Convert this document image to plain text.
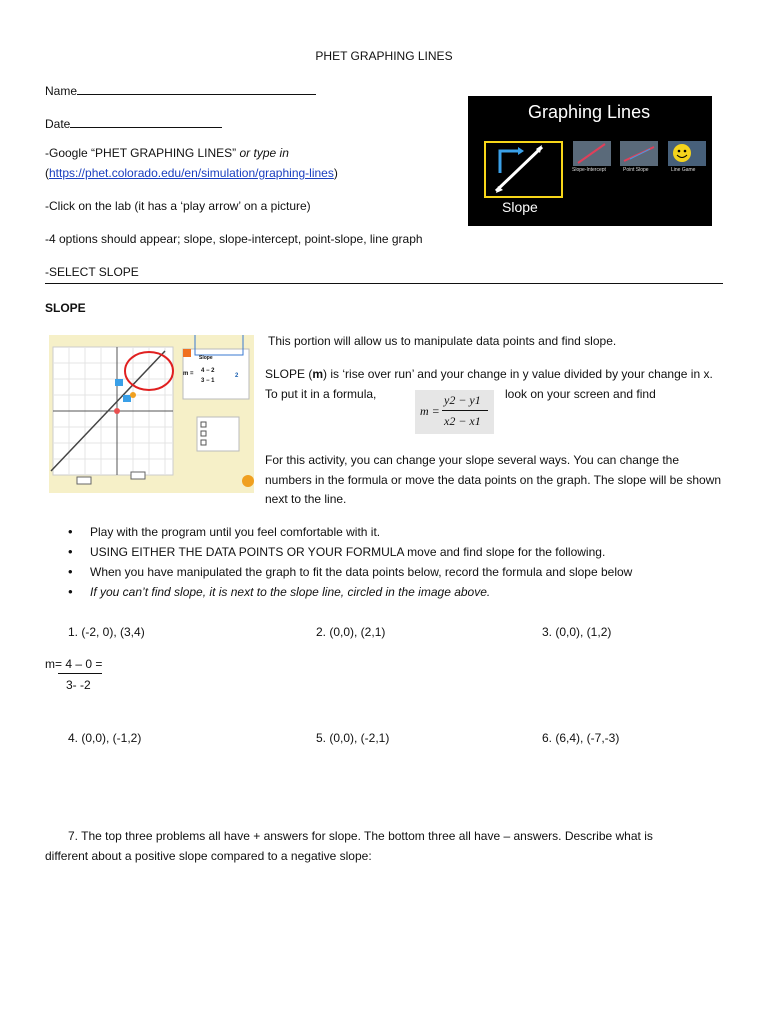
PHET GRAPHING LINES
Name
Date
-Google “PHET GRAPHING LINES” or type in
(https://phet.colorado.edu/en/simulation/graphing-lines)
-Click on the lab (it has a ‘play arrow’ on a picture)
-4 options should appear; slope, slope-intercept, point-slope, line graph
-SELECT SLOPE
SLOPE
Graphing Lines
Slope
Slope-Intercept	Point Slope	Line Game
Slope
m = 4 − 2
3 − 1
2
This portion will allow us to manipulate data points and find slope.
SLOPE (m) is ‘rise over run’ and your change in y value divided by your change in x. To put it in a formula,	look on your screen and find
m =
y2 − y1
x2 − x1
For this activity, you can change your slope several ways. You can change the numbers in the formula or move the data points on the graph. The slope will be shown next to the line.
• Play with the program until you feel comfortable with it.
• USING EITHER THE DATA POINTS OR YOUR FORMULA move and find slope for the following.
• When you have manipulated the graph to fit the data points below, record the formula and slope below
• If you can’t find slope, it is next to the slope line, circled in the image above.
1. (-2, 0), (3,4)	2. (0,0), (2,1)	3. (0,0), (1,2)
m= 4 – 0 =
3- -2
4. (0,0), (-1,2)	5. (0,0), (-2,1)	6. (6,4), (-7,-3)
7. The top three problems all have + answers for slope. The bottom three all have – answers. Describe what is
different about a positive slope compared to a negative slope:
